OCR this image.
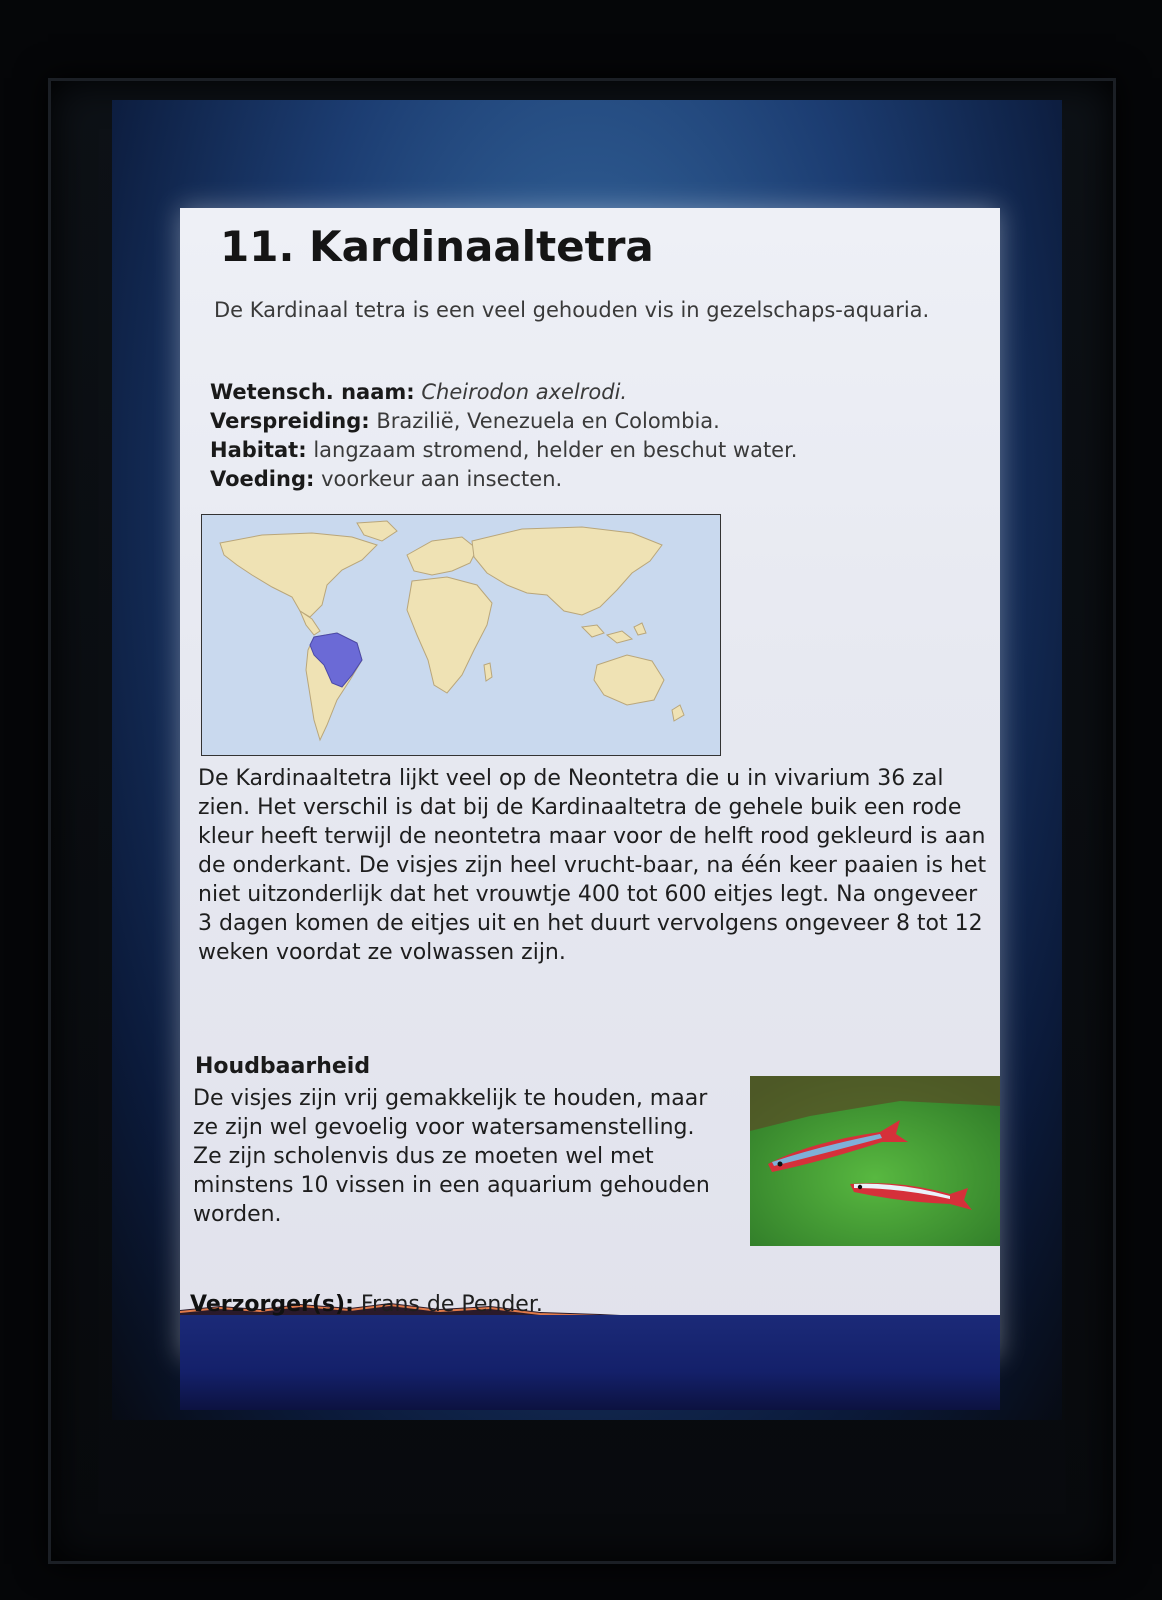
11. Kardinaaltetra

De Kardinaal tetra is een veel gehouden vis in gezelschaps-aquaria.

Wetensch. naam: Cheirodon axelrodi.
Verspreiding: Brazilië, Venezuela en Colombia.
Habitat: langzaam stromend, helder en beschut water.
Voeding: voorkeur aan insecten.

De Kardinaaltetra lijkt veel op de Neontetra die u in vivarium 36 zal zien. Het verschil is dat bij de Kardinaaltetra de gehele buik een rode kleur heeft terwijl de neontetra maar voor de helft rood gekleurd is aan de onderkant. De visjes zijn heel vrucht-baar, na één keer paaien is het niet uitzonderlijk dat het vrouwtje 400 tot 600 eitjes legt. Na ongeveer 3 dagen komen de eitjes uit en het duurt vervolgens ongeveer 8 tot 12 weken voordat ze volwassen zijn.

Houdbaarheid

De visjes zijn vrij gemakkelijk te houden, maar ze zijn wel gevoelig voor watersamenstelling. Ze zijn scholenvis dus ze moeten wel met minstens 10 vissen in een aquarium gehouden worden.

Verzorger(s): Frans de Pender.
